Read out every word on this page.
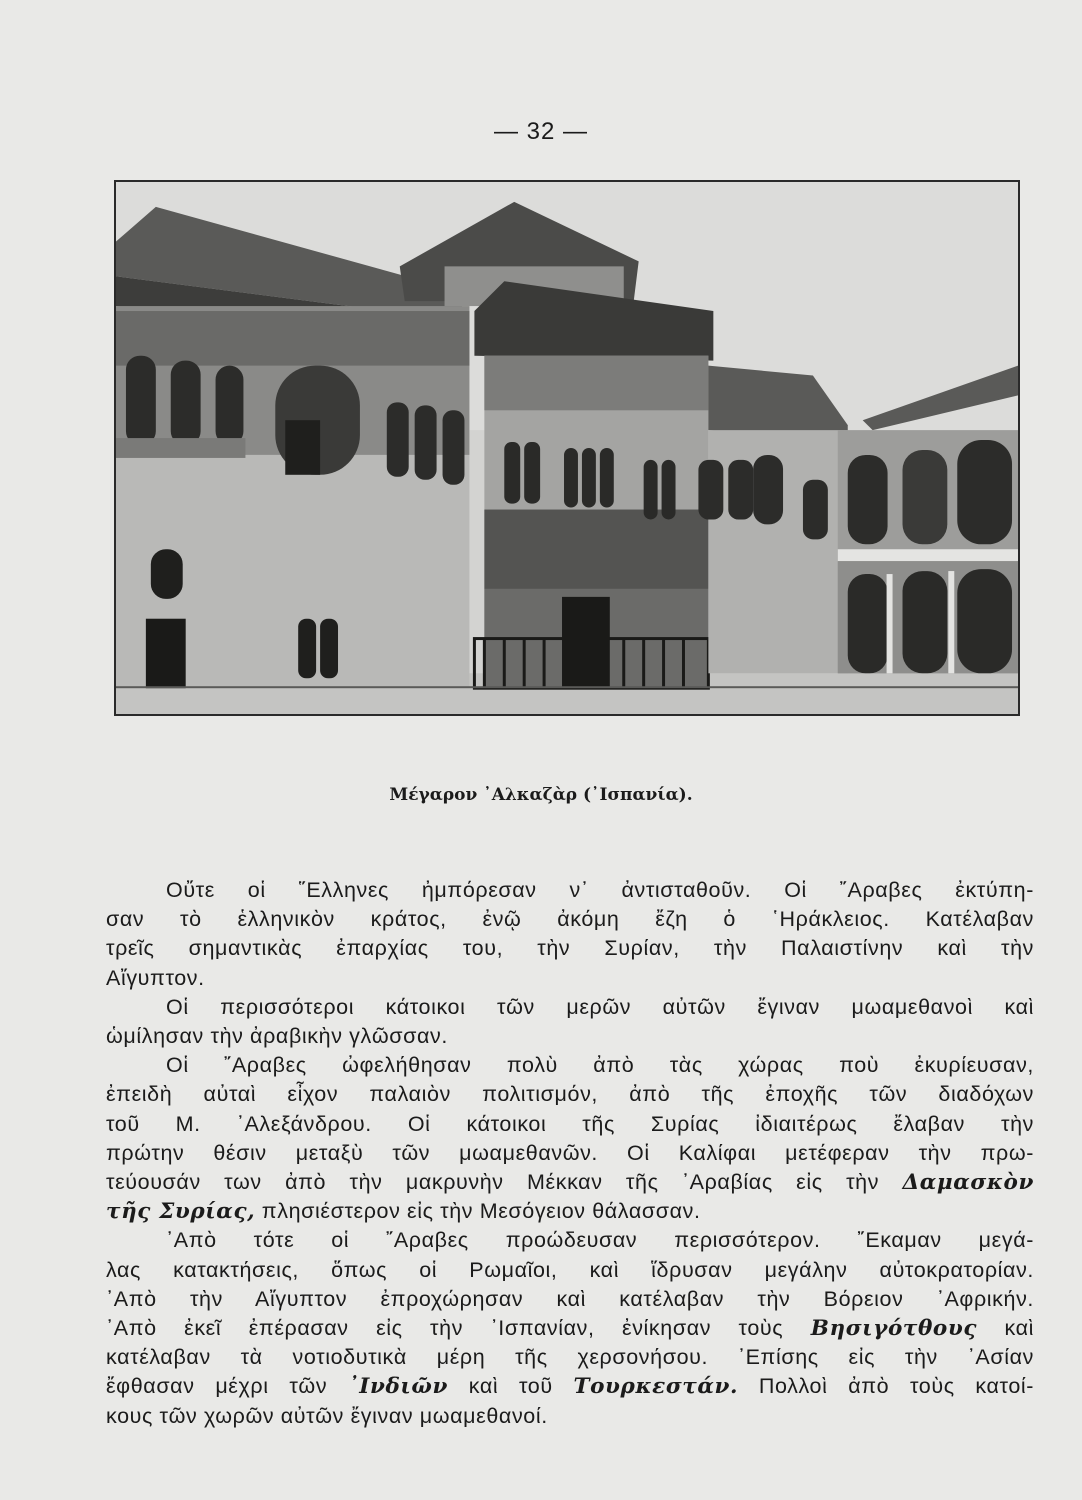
— 32 —
Μέγαρον ᾿Αλκαζὰρ (᾿Ισπανία).
Οὔτε οἱ ῞Ελληνες ἠμπόρεσαν ν᾿ ἀντισταθοῦν. Οἱ ῎Αραβες ἐκτύπη-
σαν τὸ ἑλληνικὸν κράτος, ἐνῷ ἀκόμη ἔζη ὁ ῾Ηράκλειος. Κατέλαβαν
τρεῖς σημαντικὰς ἐπαρχίας του, τὴν Συρίαν, τὴν Παλαιστίνην καὶ τὴν
Αἴγυπτον.
Οἱ περισσότεροι κάτοικοι τῶν μερῶν αὐτῶν ἔγιναν μωαμεθανοὶ καὶ
ὡμίλησαν τὴν ἀραβικὴν γλῶσσαν.
Οἱ ῎Αραβες ὠφελήθησαν πολὺ ἀπὸ τὰς χώρας ποὺ ἐκυρίευσαν,
ἐπειδὴ αὐταὶ εἶχον παλαιὸν πολιτισμόν, ἀπὸ τῆς ἐποχῆς τῶν διαδόχων
τοῦ Μ. ᾿Αλεξάνδρου. Οἱ κάτοικοι τῆς Συρίας ἰδιαιτέρως ἔλαβαν τὴν
πρώτην θέσιν μεταξὺ τῶν μωαμεθανῶν. Οἱ Καλίφαι μετέφεραν τὴν πρω-
τεύουσάν των ἀπὸ τὴν μακρυνὴν Μέκκαν τῆς ᾿Αραβίας εἰς τὴν Δαμασκὸν
τῆς Συρίας, πλησιέστερον εἰς τὴν Μεσόγειον θάλασσαν.
᾿Απὸ τότε οἱ ῎Αραβες προώδευσαν περισσότερον. ῎Εκαμαν μεγά-
λας κατακτήσεις, ὅπως οἱ Ρωμαῖοι, καὶ ἵδρυσαν μεγάλην αὐτοκρατορίαν.
᾿Απὸ τὴν Αἴγυπτον ἐπροχώρησαν καὶ κατέλαβαν τὴν Βόρειον ᾿Αφρικήν.
᾿Απὸ ἐκεῖ ἐπέρασαν εἰς τὴν ᾿Ισπανίαν, ἐνίκησαν τοὺς Βησιγότθους καὶ
κατέλαβαν τὰ νοτιοδυτικὰ μέρη τῆς χερσονήσου. ᾿Επίσης εἰς τὴν ᾿Ασίαν
ἔφθασαν μέχρι τῶν ᾿Ινδιῶν καὶ τοῦ Τουρκεστάν. Πολλοὶ ἀπὸ τοὺς κατοί-
κους τῶν χωρῶν αὐτῶν ἔγιναν μωαμεθανοί.
